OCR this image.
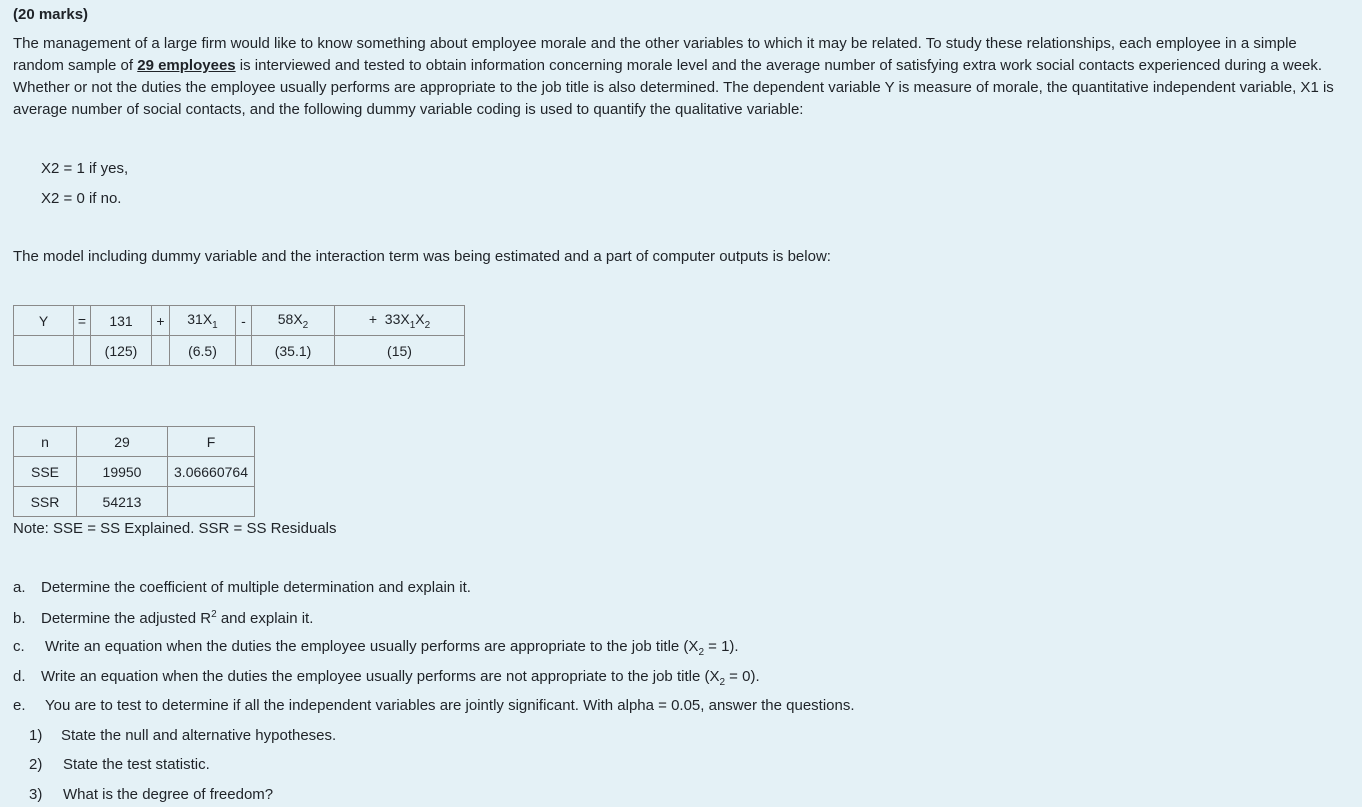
(20 marks)
The management of a large firm would like to know something about employee morale and the other variables to which it may be related. To study these relationships, each employee in a simple random sample of 29 employees is interviewed and tested to obtain information concerning morale level and the average number of satisfying extra work social contacts experienced during a week. Whether or not the duties the employee usually performs are appropriate to the job title is also determined. The dependent variable Y is measure of morale, the quantitative independent variable, X1 is average number of social contacts, and the following dummy variable coding is used to quantify the qualitative variable:
X2 = 1 if yes,
X2 = 0 if no.
The model including dummy variable and the interaction term was being estimated and a part of computer outputs is below:
Y	=	131	+	$31X_1$	-	$58X_2$	+  $33X_1X_2$
		(125)		(6.5)		(35.1)	(15)
n	29	F
SSE	19950	3.06660764
SSR	54213	
Note: SSE = SS Explained. SSR = SS Residuals
a. Determine the coefficient of multiple determination and explain it.
b. Determine the adjusted $R^2$ and explain it.
c. Write an equation when the duties the employee usually performs are appropriate to the job title $(X_2 = 1)$.
d. Write an equation when the duties the employee usually performs are not appropriate to the job title $(X_2 = 0)$.
e. You are to test to determine if all the independent variables are jointly significant. With alpha = 0.05, answer the questions.
1) State the null and alternative hypotheses.
2) State the test statistic.
3) What is the degree of freedom?
